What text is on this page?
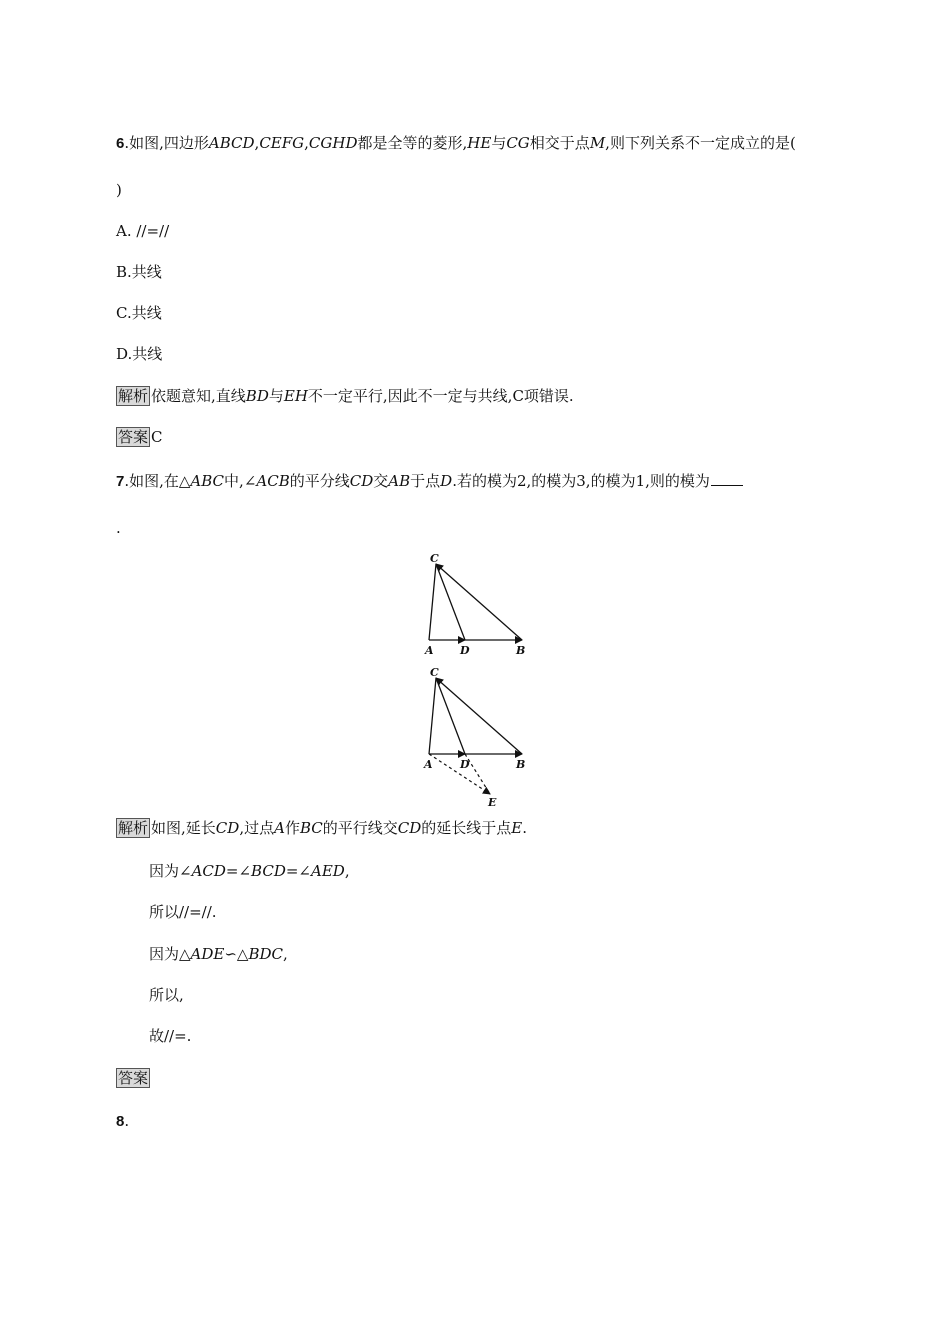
6.如图,四边形ABCD,CEFG,CGHD都是全等的菱形,HE与CG相交于点M,则下列关系不一定成立的是(
)
A. //=//
B.共线
C.共线
D.共线
解析 依题意知,直线BD与EH不一定平行,因此不一定与共线,C项错误.
答案 C
7.如图,在△ABC中,∠ACB的平分线CD交AB于点D.若的模为2,的模为3,的模为1,则的模为
.
C
A D	B
C
A D	B
E
解析 如图,延长CD,过点A作BC的平行线交CD的延长线于点E.
因为∠ACD=∠BCD=∠AED,
所以//=//.
因为△ADE∽△BDC,
所以,
故//=.
答案
8.
